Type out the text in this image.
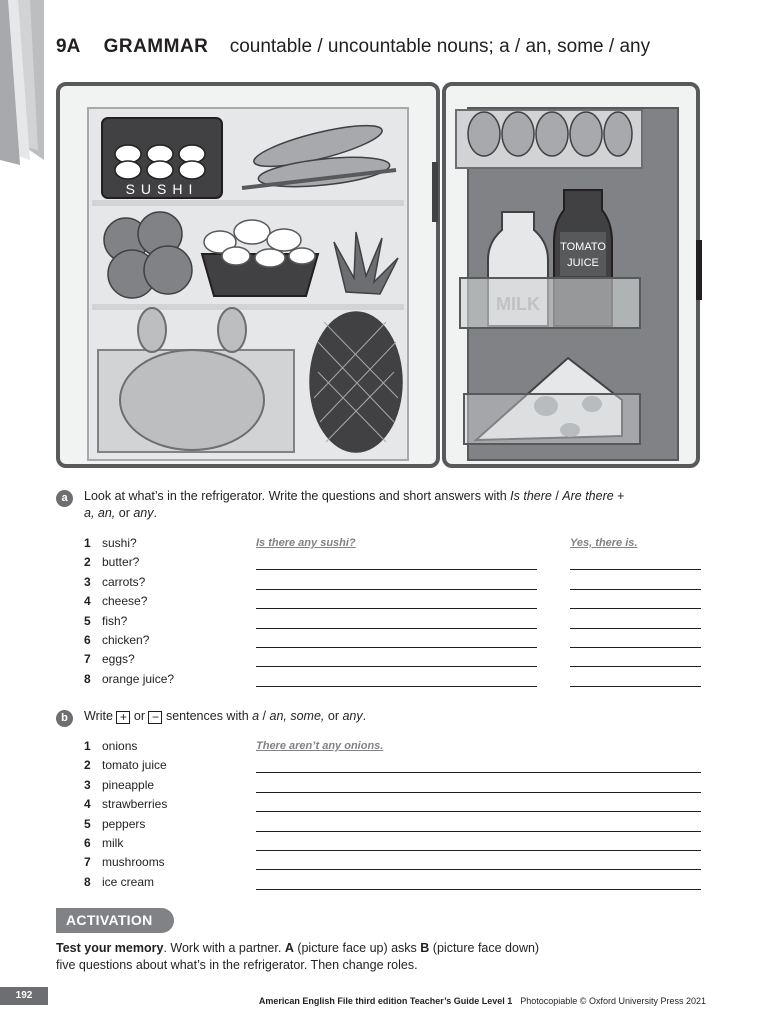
9A GRAMMAR countable / uncountable nouns; a / an, some / any
SUSHI
TOMATO
JUICE
a	Look at what’s in the refrigerator. Write the questions and short answers with Is there / Are there +
a, an, or any.
1 sushi?	Is there any sushi?	Yes, there is.
2 butter?
3 carrots?
4 cheese?
5 fish?
6 chicken?
7 eggs?
8 orange juice?
b	Write + or − sentences with a / an, some, or any.
1 onions	There aren’t any onions.
2 tomato juice
3 pineapple
4 strawberries
5 peppers
6 milk
7 mushrooms
8 ice cream
ACTIVATION
Test your memory. Work with a partner. A (picture face up) asks B (picture face down)
five questions about what’s in the refrigerator. Then change roles.
192	American English File third edition Teacher’s Guide Level 1 Photocopiable © Oxford University Press 2021
